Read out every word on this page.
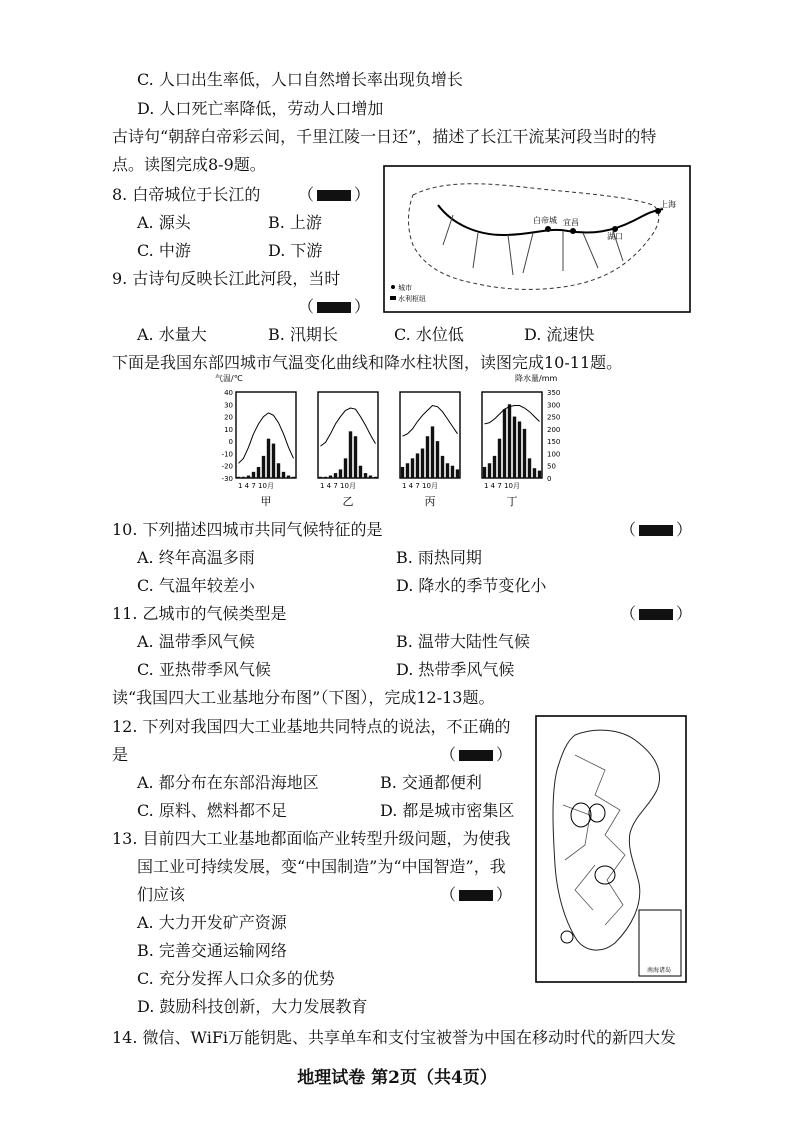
C. 人口出生率低，人口自然增长率出现负增长
D. 人口死亡率降低，劳动人口增加
古诗句“朝辞白帝彩云间，千里江陵一日还”，描述了长江干流某河段当时的特
点。读图完成8-9题。
8. 白帝城位于长江的 （	）
A. 源头	B. 上游
C. 中游	D. 下游
9. 古诗句反映长江此河段，当时
（	）
A. 水量大	B. 汛期长	C. 水位低	D. 流速快
白帝城 宜昌
湖口
上海
城市
水利枢纽
下面是我国东部四城市气温变化曲线和降水柱状图，读图完成10-11题。
气温/℃	降水量/mm
40
30
20
10
0
-10
-20
-30
350
300
250
200
150
100
50
0
1 4 7 10月
甲
1 4 7 10月
乙
1 4 7 10月
丙
1 4 7 10月
丁
10. 下列描述四城市共同气候特征的是	（	）
A. 终年高温多雨	B. 雨热同期
C. 气温年较差小	D. 降水的季节变化小
11. 乙城市的气候类型是	（	）
A. 温带季风气候	B. 温带大陆性气候
C. 亚热带季风气候	D. 热带季风气候
读“我国四大工业基地分布图”（下图），完成12-13题。
12. 下列对我国四大工业基地共同特点的说法，不正确的
是	（	）
A. 都分布在东部沿海地区	B. 交通都便利
C. 原料、燃料都不足	D. 都是城市密集区
13. 目前四大工业基地都面临产业转型升级问题，为使我
国工业可持续发展，变“中国制造”为“中国智造”，我
们应该	（	）
A. 大力开发矿产资源
B. 完善交通运输网络
C. 充分发挥人口众多的优势
D. 鼓励科技创新，大力发展教育
南海诸岛
14. 微信、WiFi万能钥匙、共享单车和支付宝被誉为中国在移动时代的新四大发
地理试卷 第2页（共4页）
